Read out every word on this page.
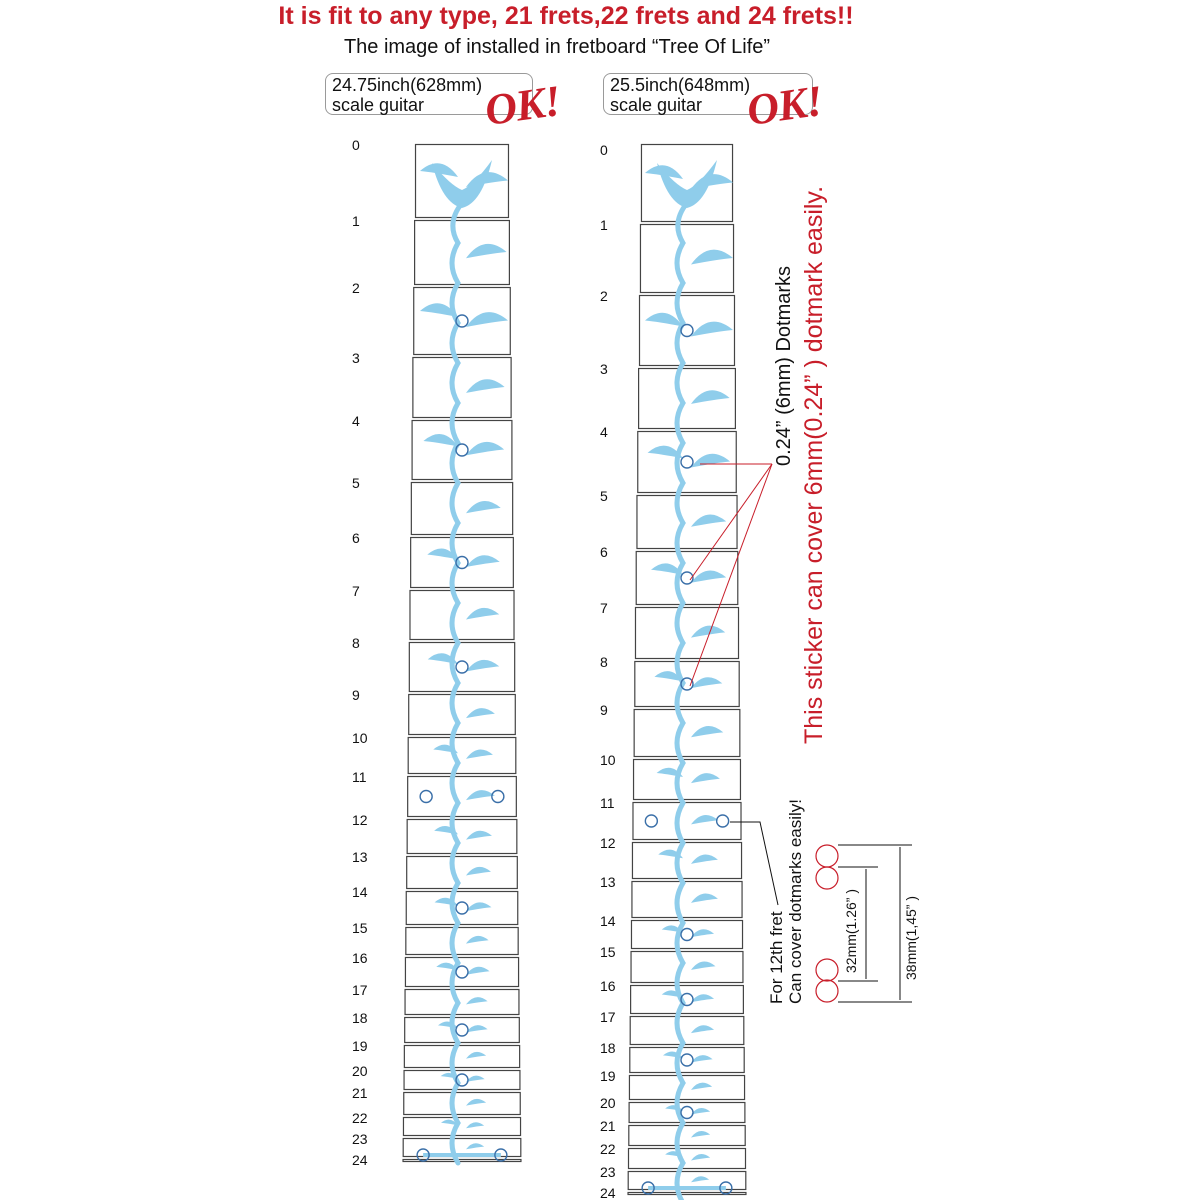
It is fit to any type, 21 frets,22 frets and 24 frets!!
The image of installed in fretboard “Tree Of Life”
24.75inch(628mm)
scale guitar	OK!	25.5inch(648mm)
scale guitar OK!
0
1
2
3
4
5
6
7
8
9
10
11
12
13
14
15
16
17
18
19
20
21
22
23
24
0
1
2
3
4
5
6
7
8
9
10
11
12
13
14
15
16
17
18
19
20
21
22
23
24
0.24” (6mm) Dotmarks This sticker can cover 6mm(0.24” ) dotmark easily.
For 12th fret Can cover dotmarks easily!	32mm(1.26” )	38mm(1,45” )
